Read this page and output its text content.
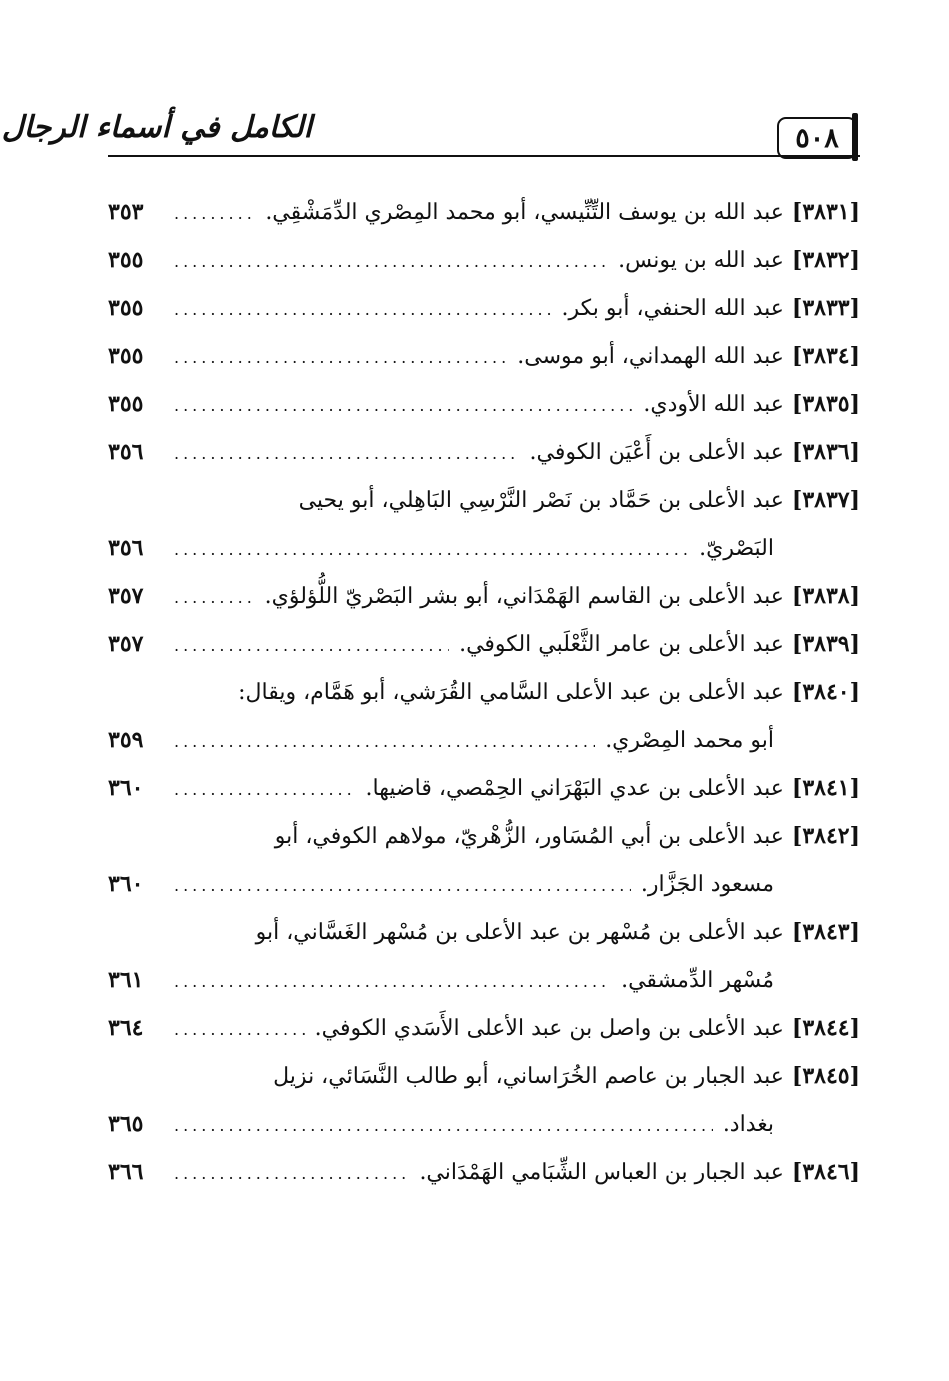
٥٠٨
الكامل في أسماء الرجال
[٣٨٣١]
عبد الله بن يوسف التِّنِّيسي، أبو محمد المِصْري الدِّمَشْقِي.
.....
٣٥٣
[٣٨٣٢]
عبد الله بن يونس.
.....
٣٥٥
[٣٨٣٣]
عبد الله الحنفي، أبو بكر.
.....
٣٥٥
[٣٨٣٤]
عبد الله الهمداني، أبو موسى.
.....
٣٥٥
[٣٨٣٥]
عبد الله الأودي.
.....
٣٥٥
[٣٨٣٦]
عبد الأعلى بن أَعْيَن الكوفي.
.....
٣٥٦
[٣٨٣٧]
عبد الأعلى بن حَمَّاد بن نَصْر النَّرْسِي البَاهِلي، أبو يحيى
البَصْريّ.
.....
٣٥٦
[٣٨٣٨]
عبد الأعلى بن القاسم الهَمْدَاني، أبو بشر البَصْريّ اللُّؤلؤي.
.....
٣٥٧
[٣٨٣٩]
عبد الأعلى بن عامر الثَّعْلَبي الكوفي.
.....
٣٥٧
[٣٨٤٠]
عبد الأعلى بن عبد الأعلى السَّامي القُرَشي، أبو هَمَّام، ويقال:
أبو محمد المِصْري.
.....
٣٥٩
[٣٨٤١]
عبد الأعلى بن عدي البَهْرَاني الحِمْصي، قاضيها.
.....
٣٦٠
[٣٨٤٢]
عبد الأعلى بن أبي المُسَاور، الزُّهْريّ، مولاهم الكوفي، أبو
مسعود الجَزَّار.
.....
٣٦٠
[٣٨٤٣]
عبد الأعلى بن مُسْهر بن عبد الأعلى بن مُسْهر الغَسَّاني، أبو
مُسْهر الدِّمشقي.
.....
٣٦١
[٣٨٤٤]
عبد الأعلى بن واصل بن عبد الأعلى الأَسَدي الكوفي.
.....
٣٦٤
[٣٨٤٥]
عبد الجبار بن عاصم الخُرَاساني، أبو طالب النَّسَائي، نزيل
بغداد.
.....
٣٦٥
[٣٨٤٦]
عبد الجبار بن العباس الشِّبَامي الهَمْدَاني.
.....
٣٦٦
